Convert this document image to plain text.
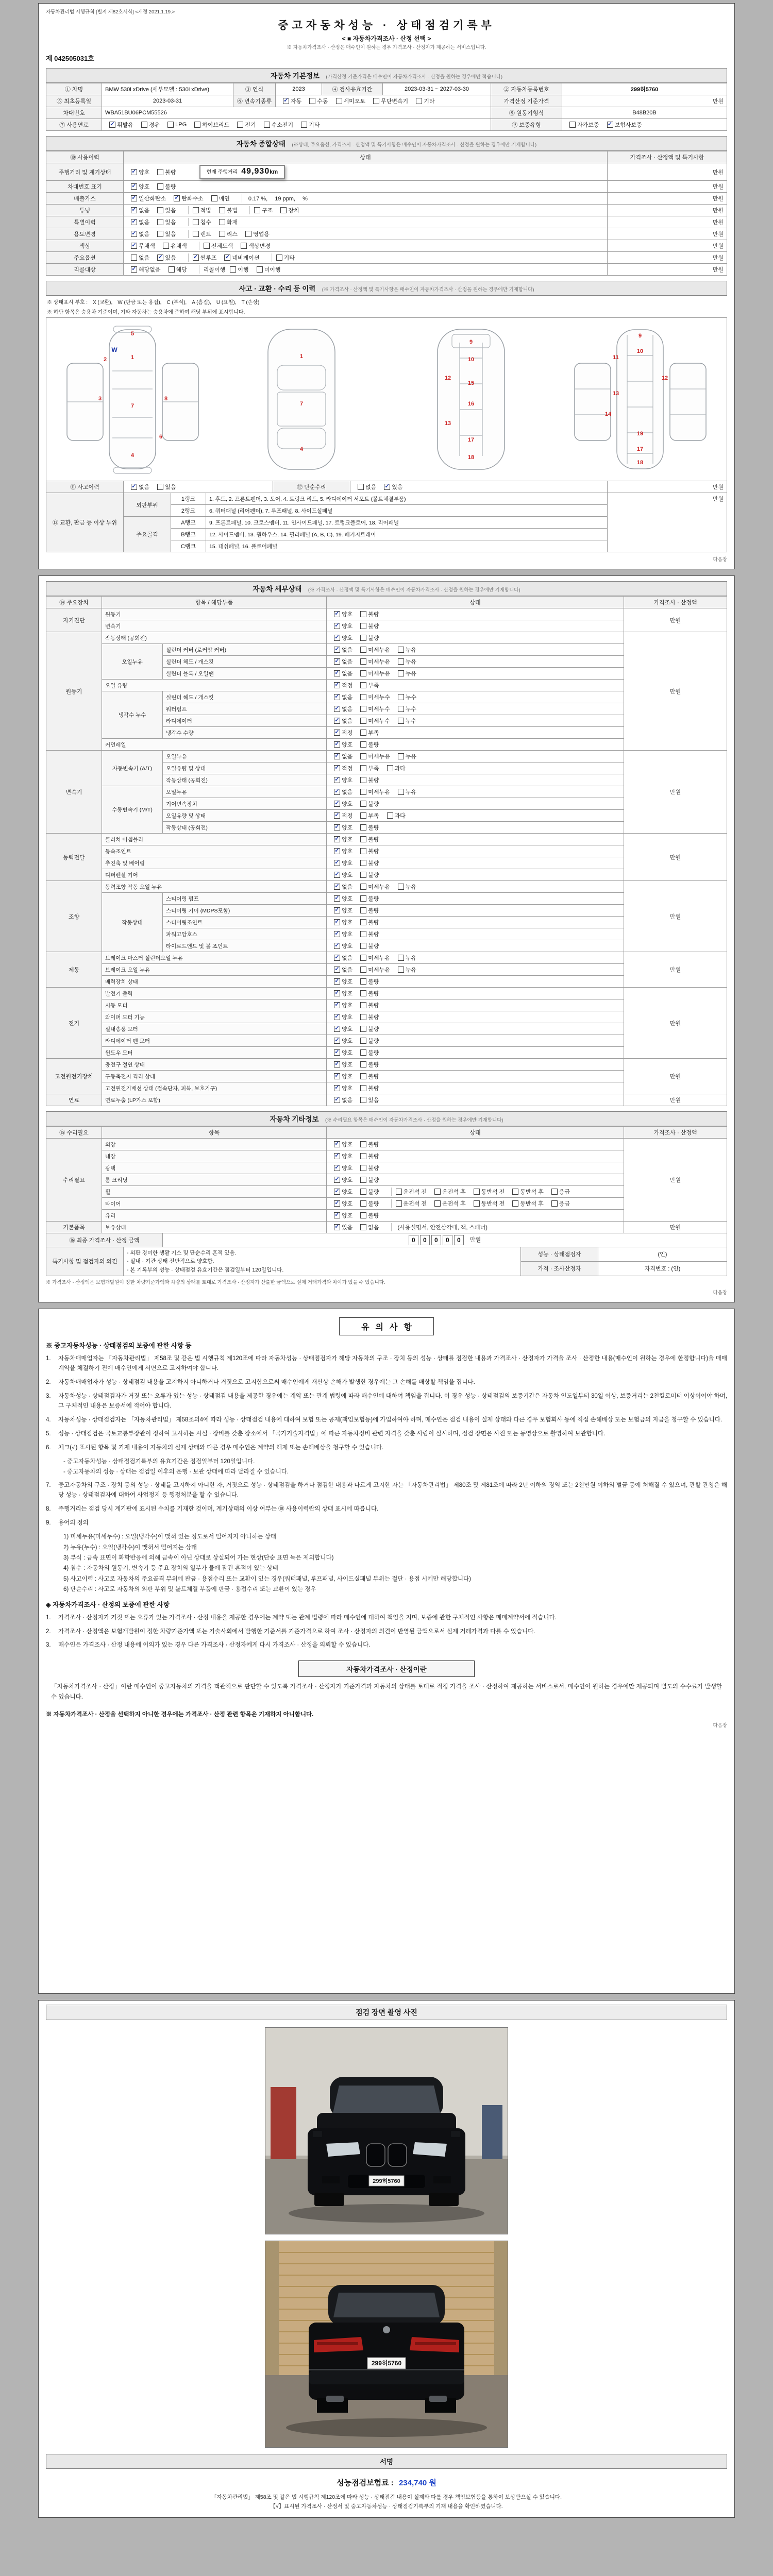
자동차관리법 시행규칙 [별지 제82호서식] <개정 2021.1.19.>
중고자동차성능 · 상태점검기록부
< ■ 자동차가격조사 · 산정 선택 >
※ 자동차가격조사 · 산정은 매수인이 원하는 경우 가격조사 · 산정자가 제공하는 서비스입니다.
제 042505031호
자동차 기본정보 (가격산정 기준가격은 매수인이 자동차가격조사 · 산정을 원하는 경우에만 적습니다)
① 차명	BMW 530i xDrive (세부모델 : 530i xDrive)	③ 연식	2023	④ 검사유효기간	2023-03-31 ~ 2027-03-30	② 자동차등록번호	299허5760
⑤ 최초등록일	2023-03-31	⑥ 변속기종류	✓ 자동	수동	세미오토	무단변속기	기타	가격산정 기준가격	만원
차대번호	WBA51BU06PCM55526					⑧ 원동기형식	B48B20B
⑦ 사용연료	✓ 휘발유	경유	LPG	하이브리드	전기	수소전기	기타	⑨ 보증유형	자가보증 ✓ 보험사보증
자동차 종합상태 (※상태, 주요옵션, 가격조사 · 산정액 및 특기사항은 매수인이 자동차가격조사 · 산정을 원하는 경우에만 기재합니다)
⑩ 사용이력	상태	가격조사 · 산정액 및 특기사항
주행거리 및 계기상태	✓ 양호	불량	현재 주행거리 49,930 km	만원
차대번호 표기	✓ 양호 불량	만원
배출가스	✓ 일산화탄소 ✓ 탄화수소	매연	0.17 %,　 19 ppm,　 %	만원
튜닝	✓ 없음	있음	적법	불법	구조	장치	만원
특별이력	✓ 없음	있음	침수	화재	만원
용도변경	✓ 없음	있음	렌트	리스	영업용	만원
색상	✓ 무채색	유채색	전체도색	색상변경	만원
주요옵션	없음 ✓ 있음	✓ 썬루프 ✓ 네비게이션	기타	만원
리콜대상	✓ 해당없음	해당	리콜이행 이행	미이행	만원
사고 · 교환 · 수리 등 이력 (※ 가격조사 · 산정액 및 특기사항은 매수인이 자동차가격조사 · 산정을 원하는 경우에만 기재합니다)
※ 상태표시 부호 :　X (교환),　W (판금 또는 용접),　C (부식),　A (흠집),　U (요철),　T (손상)
※ 하단 항목은 승용차 기준이며, 기타 자동차는 승용차에 준하여 해당 부위에 표시합니다.
5
1
2
W
3
7
8
6
4
1
7
4
9
10
12
15
16
13
17
18
9
10
11
12
13
14
19
17
18
⑪ 사고이력	✓ 없음	있음	⑫ 단순수리	없음 ✓ 있음	만원
⑬ 교환, 판금 등 이상 부위	외판부위	1랭크	1. 후드, 2. 프론트펜더, 3. 도어, 4. 트렁크 리드, 5. 라디에이터 서포트 (볼트체결부품)	만원
		2랭크	6. 쿼터패널 (리어펜더), 7. 루프패널, 8. 사이드실패널	
	주요골격	A랭크	9. 프론트패널, 10. 크로스멤버, 11. 인사이드패널, 17. 트렁크플로어, 18. 리어패널	
		B랭크	12. 사이드멤버, 13. 휠하우스, 14. 필러패널 (A, B, C), 19. 패키지트레이	
		C랭크	15. 대쉬패널, 16. 플로어패널	
다음장
자동차 세부상태 (※ 가격조사 · 산정액 및 특기사항은 매수인이 자동차가격조사 · 산정을 원하는 경우에만 기재합니다)
⑭ 주요장치	항목 / 해당부품		상태	가격조사 · 산정액
자기진단	원동기		✓ 양호 불량	만원
	변속기		✓ 양호 불량	

원동기	작동상태 (공회전)		✓ 양호 불량	만원
오일누유	실린더 커버 (로커암 커버)	✓ 없음	미세누유	누유

실린더 헤드 / 개스킷	✓ 없음	미세누유	누유

실린더 블록 / 오일팬	✓ 없음	미세누유	누유

	오일 유량		✓ 적정 부족	

냉각수 누수	실린더 헤드 / 개스킷	✓ 없음	미세누수	누수

워터펌프	✓ 없음	미세누수	누수

라디에이터	✓ 없음	미세누수	누수

		냉각수 수량	✓ 적정 부족	

	커먼레일		✓ 양호 불량	

변속기	자동변속기 (A/T)	오일누유	✓ 없음	미세누유	누유
	만원
오일유량 및 상태	✓ 적정	부족	과다

		작동상태 (공회전)	✓ 양호 불량	

수동변속기 (M/T)	오일누유	✓ 없음	미세누유	누유

		기어변속장치	✓ 양호 불량	

오일유량 및 상태	✓ 적정	부족	과다

		작동상태 (공회전)	✓ 양호 불량	

동력전달	클러치 어셈블리		✓ 양호 불량	만원
	등속조인트		✓ 양호 불량	

	추진축 및 베어링		✓ 양호 불량	

	디퍼렌셜 기어		✓ 양호 불량	

조향	동력조향 작동 오일 누유	✓ 없음	미세누유	누유
	만원
	작동상태	스티어링 펌프	✓ 양호 불량	

		스티어링 기어 (MDPS포함)	✓ 양호 불량	

		스티어링조인트	✓ 양호 불량	

		파워고압호스	✓ 양호 불량	

		타이로드엔드 및 볼 조인트	✓ 양호 불량	

제동	브레이크 마스터 실린더오일 누유	✓ 없음	미세누유	누유
	만원
브레이크 오일 누유	✓ 없음	미세누유	누유

	배력장치 상태		✓ 양호 불량	

전기	발전기 출력		✓ 양호 불량	만원
	시동 모터		✓ 양호 불량	

	와이퍼 모터 기능		✓ 양호 불량	

	실내송풍 모터		✓ 양호 불량	

	라디에이터 팬 모터		✓ 양호 불량	

	윈도우 모터		✓ 양호 불량	

고전원전기장치	충전구 절연 상태		✓ 양호 불량	만원
	구동축전지 격리 상태		✓ 양호 불량	

	고전원전기배선 상태 (접속단자, 피복, 보호기구)		✓ 양호 불량	

연료	연료누출 (LP가스 포함)		✓ 없음 있음	만원
자동차 기타정보 (※ 수리필요 항목은 매수인이 자동차가격조사 · 산정을 원하는 경우에만 기재합니다)
⑮ 수리필요	항목	상태	가격조사 · 산정액
수리필요	외장	✓ 양호 불량	만원
	내장	✓ 양호 불량	

	광택	✓ 양호 불량	

	룸 크리닝	✓ 양호 불량	

휠	✓ 양호	불량	운전석 전	운전석 후	동반석 전	동반석 후	응급

타이어	✓ 양호	불량	운전석 전	운전석 후	동반석 전	동반석 후	응급

	유리	✓ 양호 불량	

기본품목	보유상태	✓ 있음 없음 (사용설명서, 안전삼각대, 잭, 스패너)	만원
⑯ 최종 가격조사 · 산정 금액	0 0 0 0 0 만원
특기사항 및 점검자의 의견	- 외판 경미한 생활 기스 및 단순수리 흔적 있음.
- 실내 · 기관 상태 전반적으로 양호함.
- 본 기록부의 성능 · 상태점검 유효기간은 점검일부터 120일입니다.	성능 · 상태점검자	(인)
		가격 · 조사산정자	자격번호 : (인)
※ 가격조사 · 산정액은 보험개발원이 정한 차량기준가액과 차량의 상태를 토대로 가격조사 · 산정자가 산출한 금액으로 실제 거래가격과 차이가 있을 수 있습니다.
다음장
유의사항
※ 중고자동차성능 · 상태점검의 보증에 관한 사항 등
1.	자동차매매업자는 「자동차관리법」 제58조 및 같은 법 시행규칙 제120조에 따라 자동차성능 · 상태점검자가 해당 자동차의 구조 · 장치 등의 성능 · 상태를 점검한 내용과 가격조사 · 산정자가 가격을 조사 · 산정한 내용(매수인이 원하는 경우에 한정합니다)을 매매계약을 체결하기 전에 매수인에게 서면으로 고지하여야 합니다.
2.	자동차매매업자가 성능 · 상태점검 내용을 고지하지 아니하거나 거짓으로 고지함으로써 매수인에게 재산상 손해가 발생한 경우에는 그 손해를 배상할 책임을 집니다.
3.	자동차성능 · 상태점검자가 거짓 또는 오류가 있는 성능 · 상태점검 내용을 제공한 경우에는 계약 또는 관계 법령에 따라 매수인에 대하여 책임을 집니다. 이 경우 성능 · 상태점검의 보증기간은 자동차 인도일부터 30일 이상, 보증거리는 2천킬로미터 이상이어야 하며, 그 구체적인 내용은 보증서에 적어야 합니다.
4.	자동차성능 · 상태점검자는 「자동차관리법」 제58조의4에 따라 성능 · 상태점검 내용에 대하여 보험 또는 공제(책임보험등)에 가입하여야 하며, 매수인은 점검 내용이 실제 상태와 다른 경우 보험회사 등에 직접 손해배상 또는 보험금의 지급을 청구할 수 있습니다.
5.	성능 · 상태점검은 국토교통부장관이 정하여 고시하는 시설 · 장비를 갖춘 장소에서 「국가기술자격법」에 따른 자동차정비 관련 자격을 갖춘 사람이 실시하며, 점검 장면은 사진 또는 동영상으로 촬영하여 보관합니다.
6.	체크(✓) 표시된 항목 및 기재 내용이 자동차의 실제 상태와 다른 경우 매수인은 계약의 해제 또는 손해배상을 청구할 수 있습니다.
- 중고자동차성능 · 상태점검기록부의 유효기간은 점검일부터 120일입니다.
- 중고자동차의 성능 · 상태는 점검일 이후의 운행 · 보관 상태에 따라 달라질 수 있습니다.
7.	중고자동차의 구조 · 장치 등의 성능 · 상태를 고지하지 아니한 자, 거짓으로 성능 · 상태점검을 하거나 점검한 내용과 다르게 고지한 자는 「자동차관리법」 제80조 및 제81조에 따라 2년 이하의 징역 또는 2천만원 이하의 벌금 등에 처해질 수 있으며, 관할 관청은 해당 성능 · 상태점검자에 대하여 사업정지 등 행정처분을 할 수 있습니다.
8.	주행거리는 점검 당시 계기판에 표시된 수치를 기재한 것이며, 계기상태의 이상 여부는 ⑩ 사용이력란의 상태 표시에 따릅니다.
9.	용어의 정의
1) 미세누유(미세누수) : 오일(냉각수)이 맺혀 있는 정도로서 떨어지지 아니하는 상태
2) 누유(누수) : 오일(냉각수)이 맺혀서 떨어지는 상태
3) 부식 : 금속 표면이 화학반응에 의해 금속이 아닌 상태로 상실되어 가는 현상(단순 표면 녹은 제외합니다)
4) 침수 : 자동차의 원동기, 변속기 등 주요 장치의 일부가 물에 잠긴 흔적이 있는 상태
5) 사고이력 : 사고로 자동차의 주요골격 부위에 판금 · 용접수리 또는 교환이 있는 경우(쿼터패널, 루프패널, 사이드실패널 부위는 절단 · 용접 시에만 해당합니다)
6) 단순수리 : 사고로 자동차의 외판 부위 및 볼트체결 부품에 판금 · 용접수리 또는 교환이 있는 경우
◈ 자동차가격조사 · 산정의 보증에 관한 사항
1.	가격조사 · 산정자가 거짓 또는 오류가 있는 가격조사 · 산정 내용을 제공한 경우에는 계약 또는 관계 법령에 따라 매수인에 대하여 책임을 지며, 보증에 관한 구체적인 사항은 매매계약서에 적습니다.
2.	가격조사 · 산정액은 보험개발원이 정한 차량기준가액 또는 기술사회에서 발행한 기준서를 기준가격으로 하여 조사 · 산정자의 의견이 반영된 금액으로서 실제 거래가격과 다를 수 있습니다.
3.	매수인은 가격조사 · 산정 내용에 이의가 있는 경우 다른 가격조사 · 산정자에게 다시 가격조사 · 산정을 의뢰할 수 있습니다.
자동차가격조사 · 산정이란

「자동차가격조사 · 산정」이란 매수인이 중고자동차의 가격을 객관적으로 판단할 수 있도록 가격조사 · 산정자가 기준가격과 자동차의 상태를 토대로 적정 가격을 조사 · 산정하여 제공하는 서비스로서, 매수인이 원하는 경우에만 제공되며 별도의 수수료가 발생할 수 있습니다.

※ 자동차가격조사 · 산정을 선택하지 아니한 경우에는 가격조사 · 산정 관련 항목은 기재하지 아니합니다.
다음장
점검 장면 촬영 사진
299허5760
299허5760
서명
성능점검보험료 : 234,740 원
「자동차관리법」 제58조 및 같은 법 시행규칙 제120조에 따라 성능 · 상태점검 내용이 실제와 다를 경우 책임보험등을 통하여 보상받으실 수 있습니다.
【√】표시된 가격조사 · 산정서 및 중고자동차성능 · 상태점검기록부의 기재 내용을 확인하였습니다.
